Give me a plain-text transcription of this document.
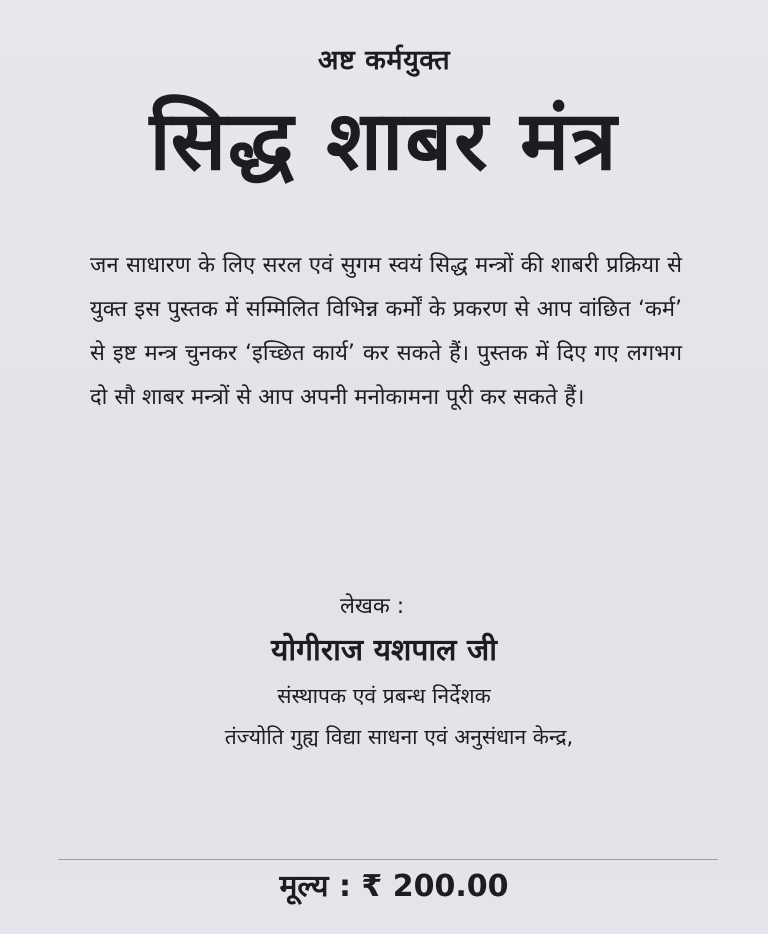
अष्ट कर्मयुक्त
सिद्ध शाबर मंत्र
जन साधारण के लिए सरल एवं सुगम स्वयं सिद्ध मन्त्रों की शाबरी प्रक्रिया से युक्त इस पुस्तक में सम्मिलित विभिन्न कर्मों के प्रकरण से आप वांछित ‘कर्म’ से इष्ट मन्त्र चुनकर ‘इच्छित कार्य’ कर सकते हैं। पुस्तक में दिए गए लगभग दो सौ शाबर मन्त्रों से आप अपनी मनोकामना पूरी कर सकते हैं।
लेखक :
योगीराज यशपाल जी
संस्थापक एवं प्रबन्ध निर्देशक
तंज्योति गुह्य विद्या साधना एवं अनुसंधान केन्द्र,
मूल्य : ₹ 200.00
